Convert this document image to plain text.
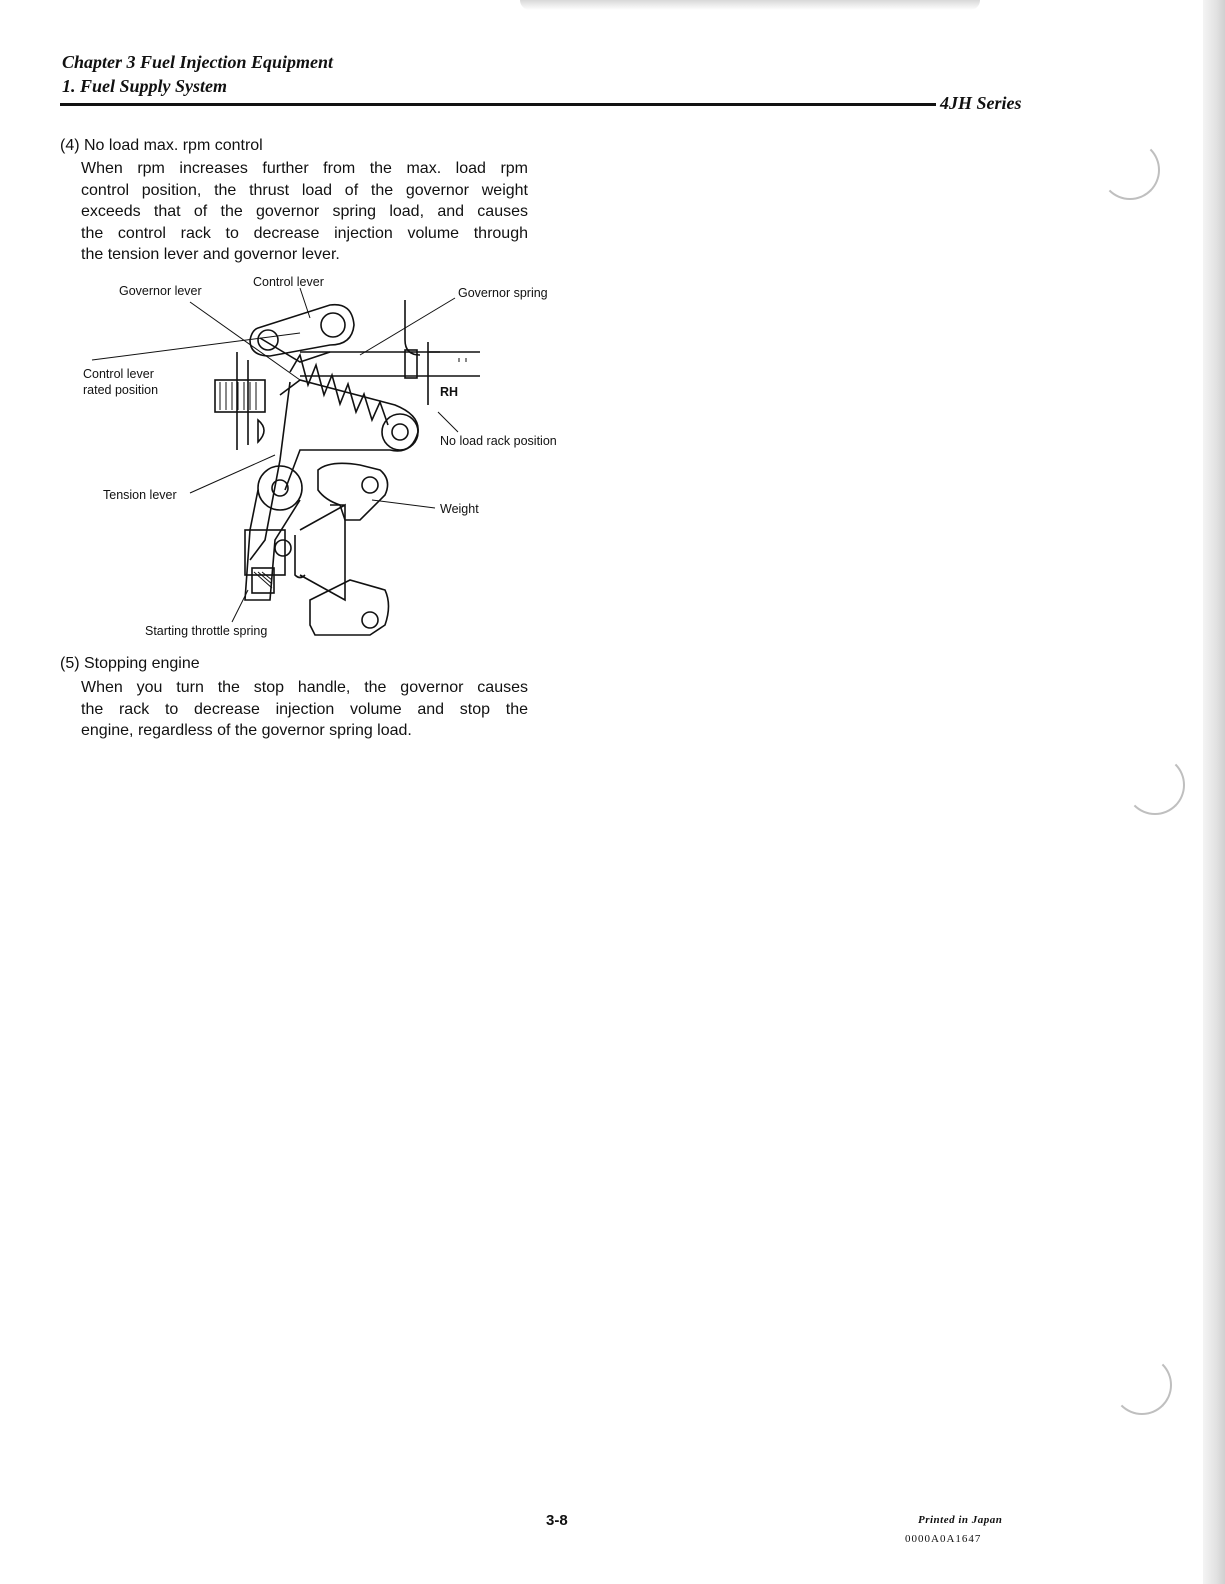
Chapter 3 Fuel Injection Equipment
1. Fuel Supply System
4JH Series
(4) No load max. rpm control
When rpm increases further from the max. load rpm
control position, the thrust load of the governor weight
exceeds that of the governor spring load, and causes
the control rack to decrease injection volume through
the tension lever and governor lever.
Governor lever
Control lever
Governor spring
Control lever
rated position	RH
No load rack position
Tension lever
Weight
Starting throttle spring
(5) Stopping engine
When you turn the stop handle, the governor causes
the rack to decrease injection volume and stop the
engine, regardless of the governor spring load.
3-8	Printed in Japan
0000A0A1647
